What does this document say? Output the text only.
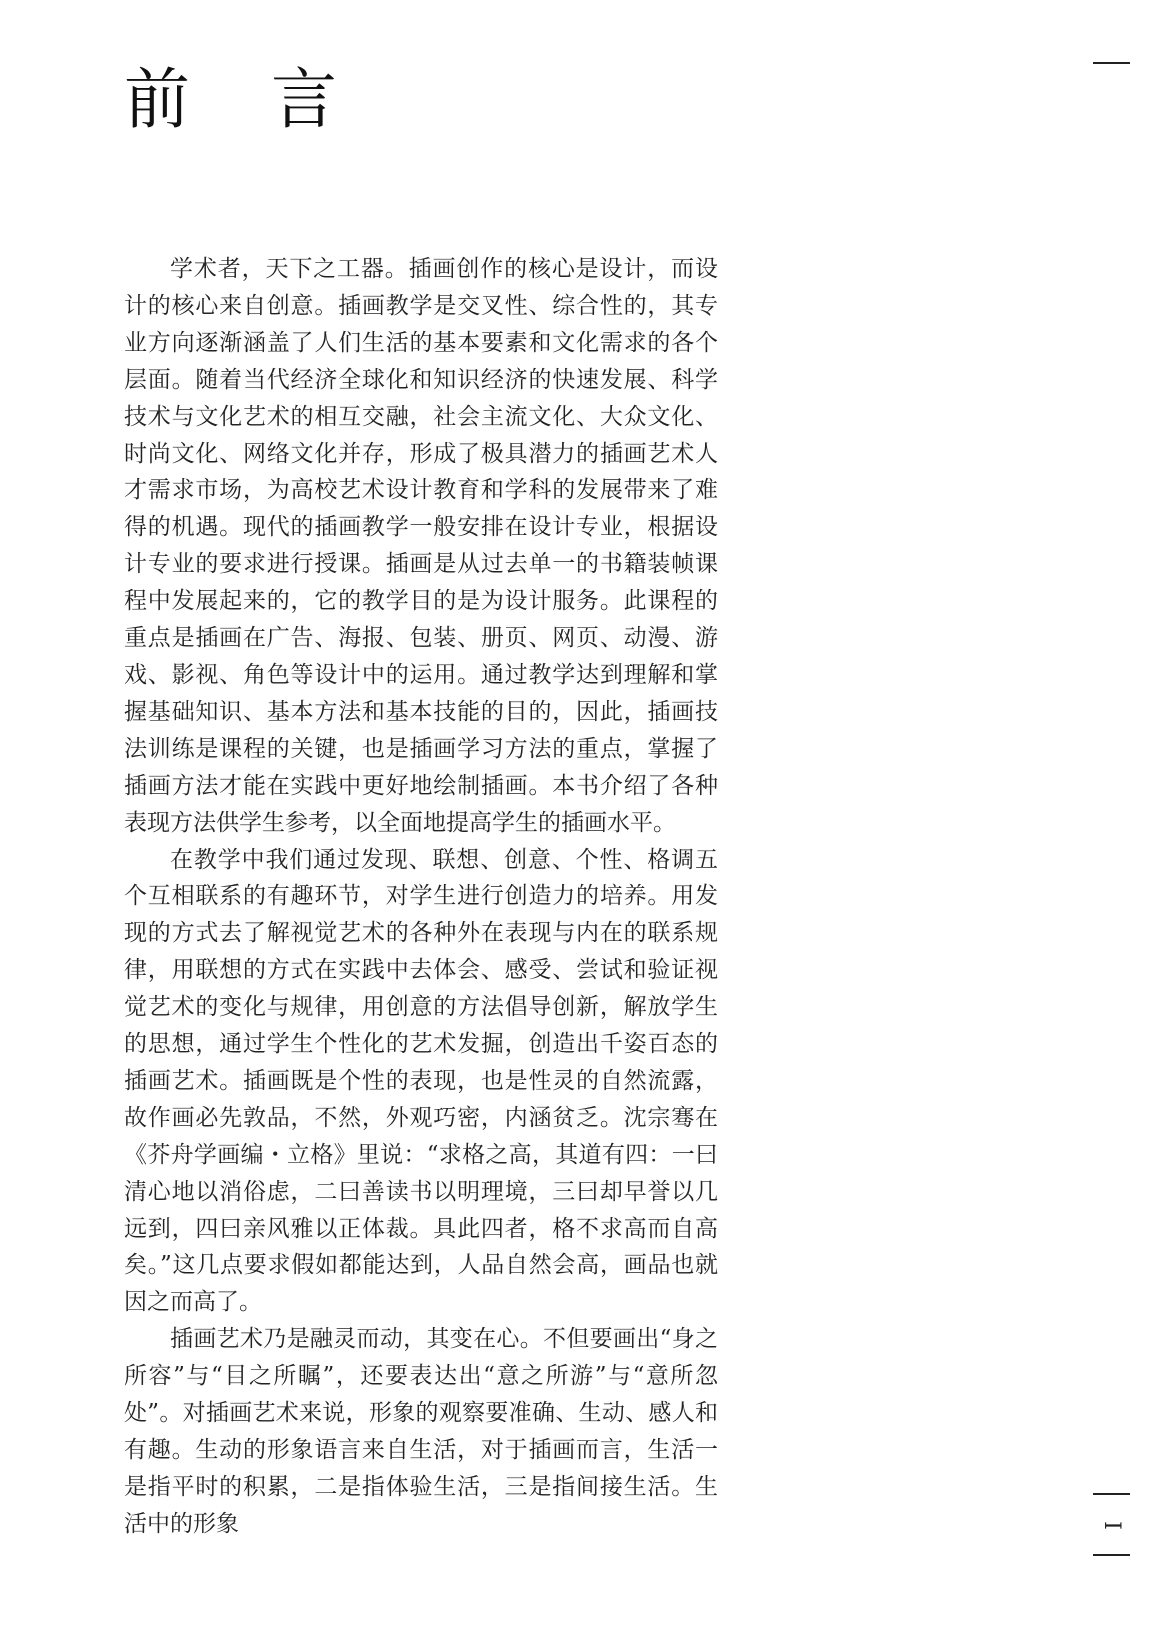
前 言

学术者，天下之工器。插画创作的核心是设计，而设计的核心来自创意。插画教学是交叉性、综合性的，其专业方向逐渐涵盖了人们生活的基本要素和文化需求的各个层面。随着当代经济全球化和知识经济的快速发展、科学技术与文化艺术的相互交融，社会主流文化、大众文化、时尚文化、网络文化并存，形成了极具潜力的插画艺术人才需求市场，为高校艺术设计教育和学科的发展带来了难得的机遇。现代的插画教学一般安排在设计专业，根据设计专业的要求进行授课。插画是从过去单一的书籍装帧课程中发展起来的，它的教学目的是为设计服务。此课程的重点是插画在广告、海报、包装、册页、网页、动漫、游戏、影视、角色等设计中的运用。通过教学达到理解和掌握基础知识、基本方法和基本技能的目的，因此，插画技法训练是课程的关键，也是插画学习方法的重点，掌握了插画方法才能在实践中更好地绘制插画。本书介绍了各种表现方法供学生参考，以全面地提高学生的插画水平。

在教学中我们通过发现、联想、创意、个性、格调五个互相联系的有趣环节，对学生进行创造力的培养。用发现的方式去了解视觉艺术的各种外在表现与内在的联系规律，用联想的方式在实践中去体会、感受、尝试和验证视觉艺术的变化与规律，用创意的方法倡导创新，解放学生的思想，通过学生个性化的艺术发掘，创造出千姿百态的插画艺术。插画既是个性的表现，也是性灵的自然流露，故作画必先敦品，不然，外观巧密，内涵贫乏。沈宗骞在《芥舟学画编・立格》里说：“求格之高，其道有四：一曰清心地以消俗虑，二曰善读书以明理境，三曰却早誉以几远到，四曰亲风雅以正体裁。具此四者，格不求高而自高矣。”这几点要求假如都能达到，人品自然会高，画品也就因之而高了。

插画艺术乃是融灵而动，其变在心。不但要画出“身之所容”与“目之所瞩”，还要表达出“意之所游”与“意所忽处”。对插画艺术来说，形象的观察要准确、生动、感人和有趣。生动的形象语言来自生活，对于插画而言，生活一是指平时的积累，二是指体验生活，三是指间接生活。生活中的形象	I
